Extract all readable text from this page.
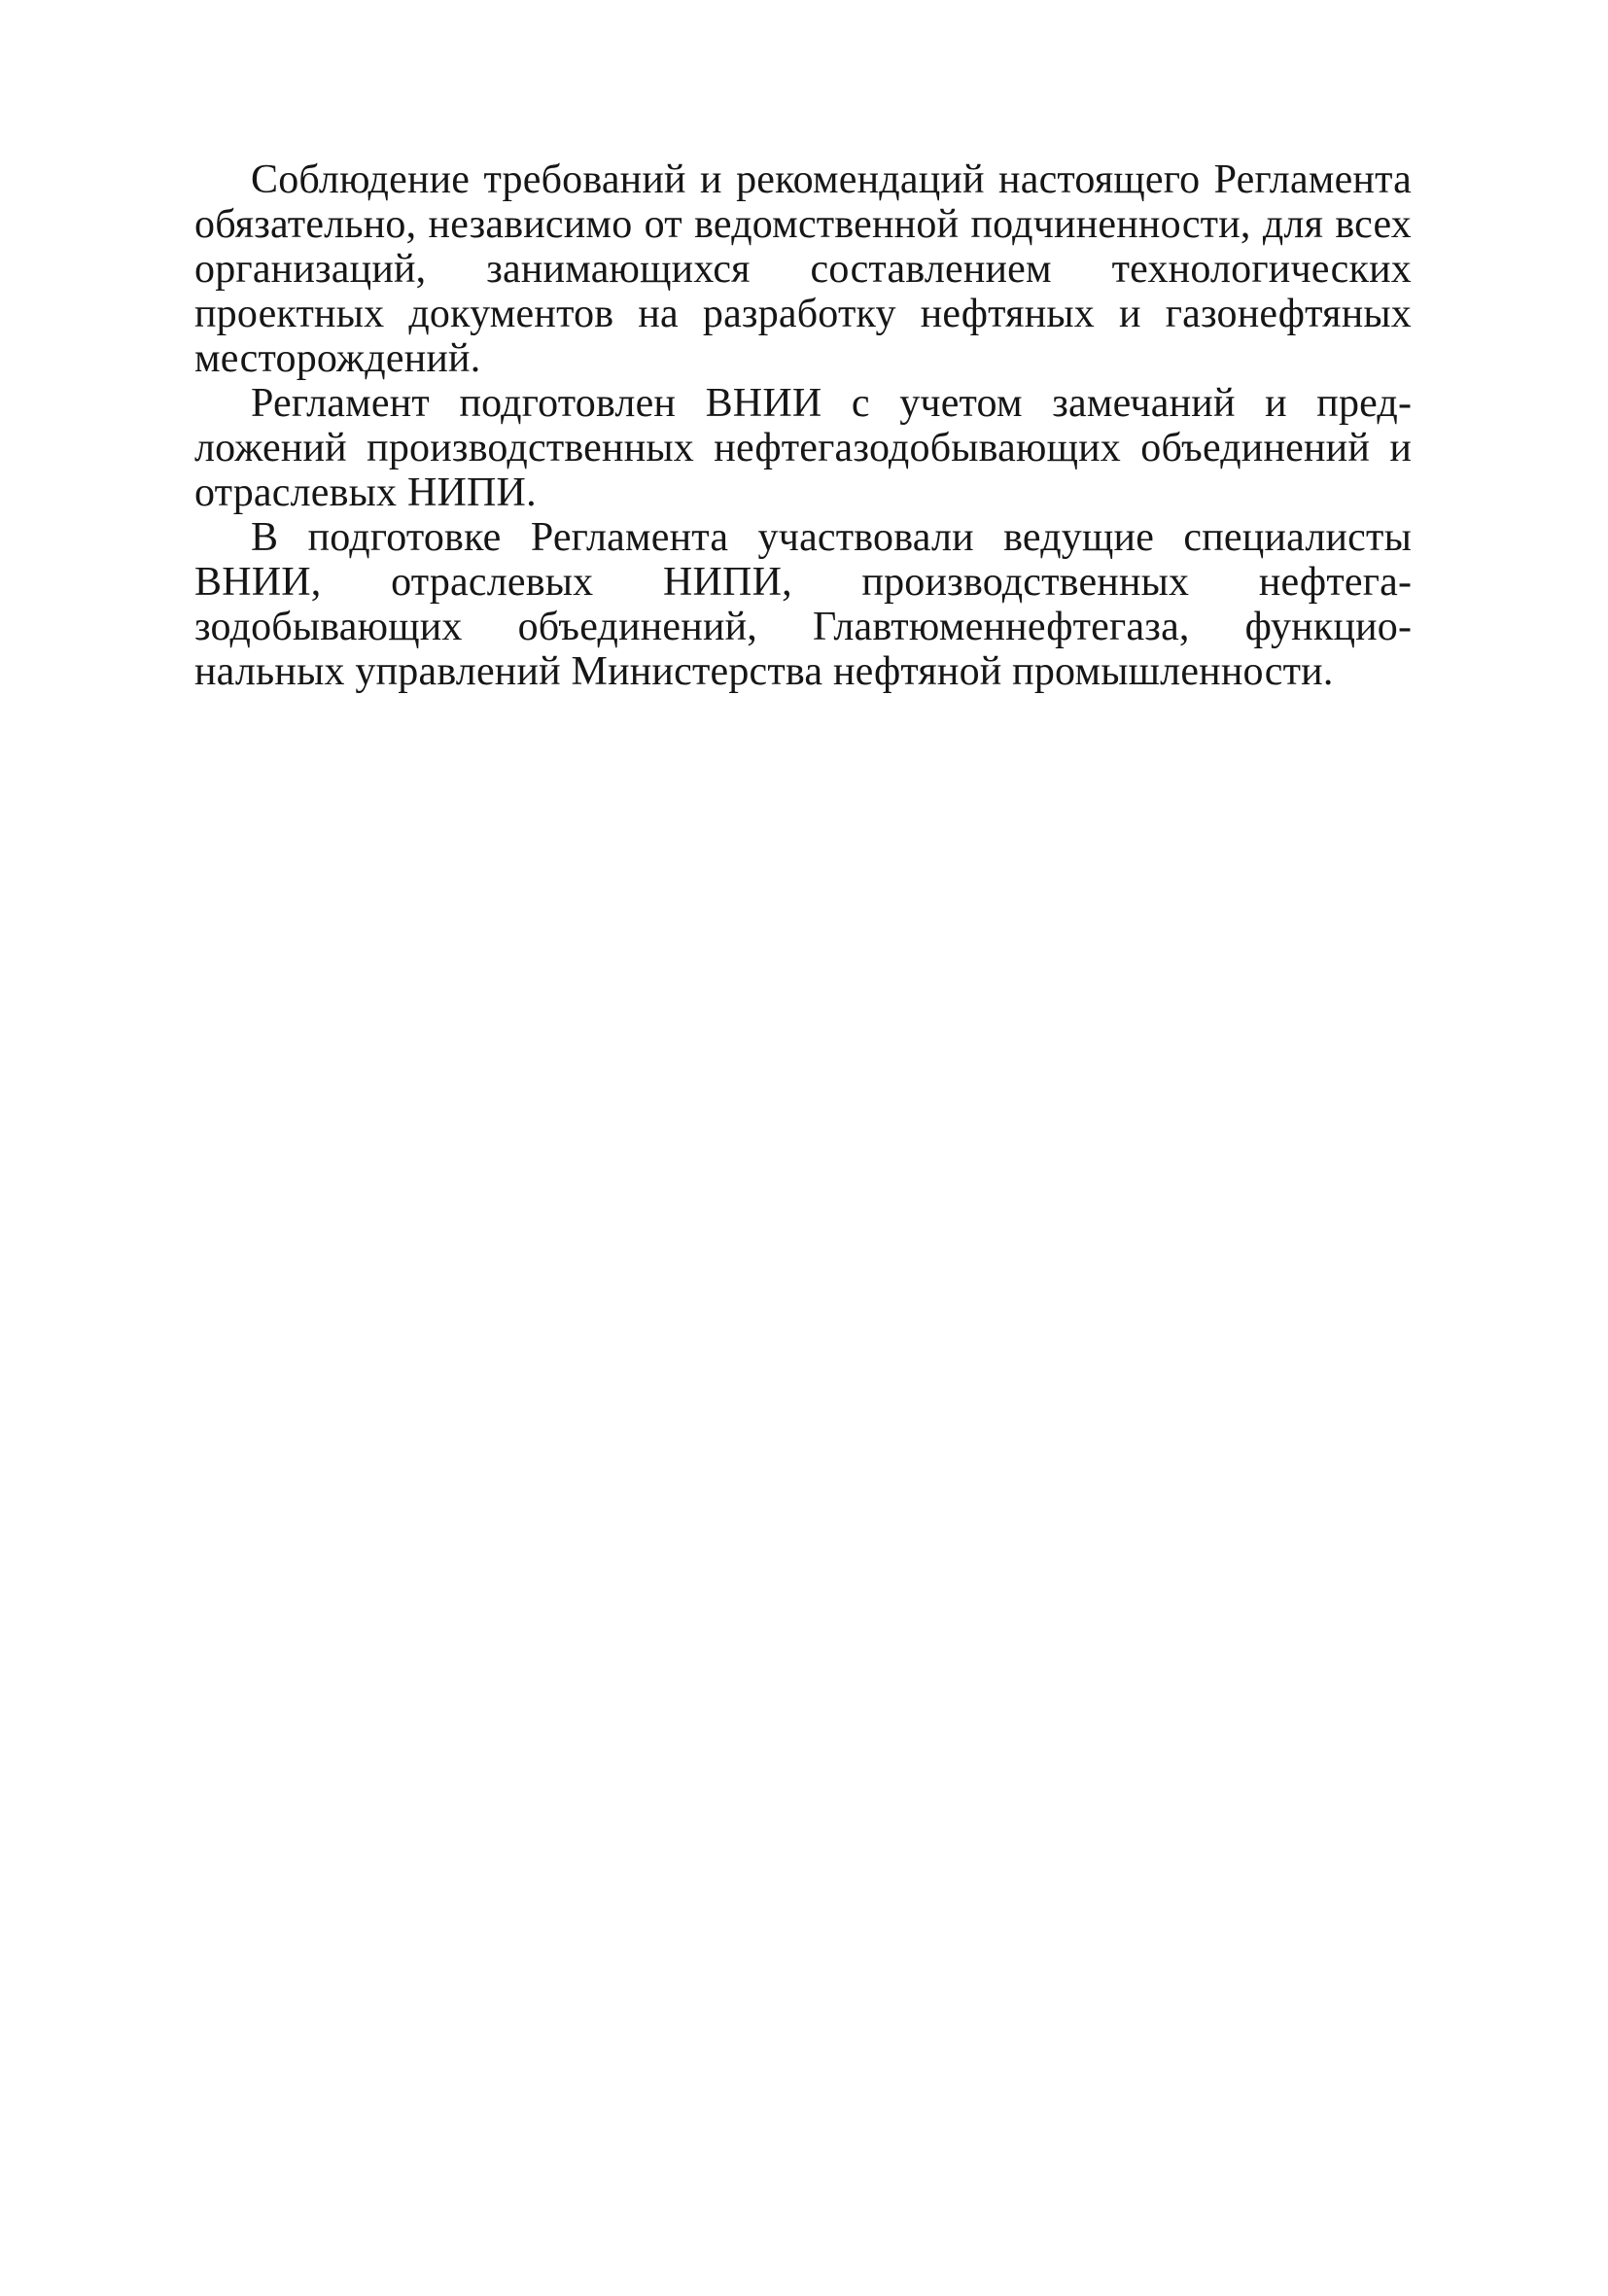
Соблюдение требований и рекомендаций настоящего Регламента обязательно, независимо от ведомственной подчиненности, для всех организаций, занимающихся составлением технологических проектных документов на разработку нефтяных и газонефтяных месторождений.

Регламент подготовлен ВНИИ с учетом замечаний и предложений производственных нефтегазодобывающих объединений и отраслевых НИПИ.

В подготовке Регламента участвовали ведущие специалисты ВНИИ, отраслевых НИПИ, производственных нефтегазодобывающих объединений, Главтюменнефтегаза, функциональных управлений Министерства нефтяной промышленности.
